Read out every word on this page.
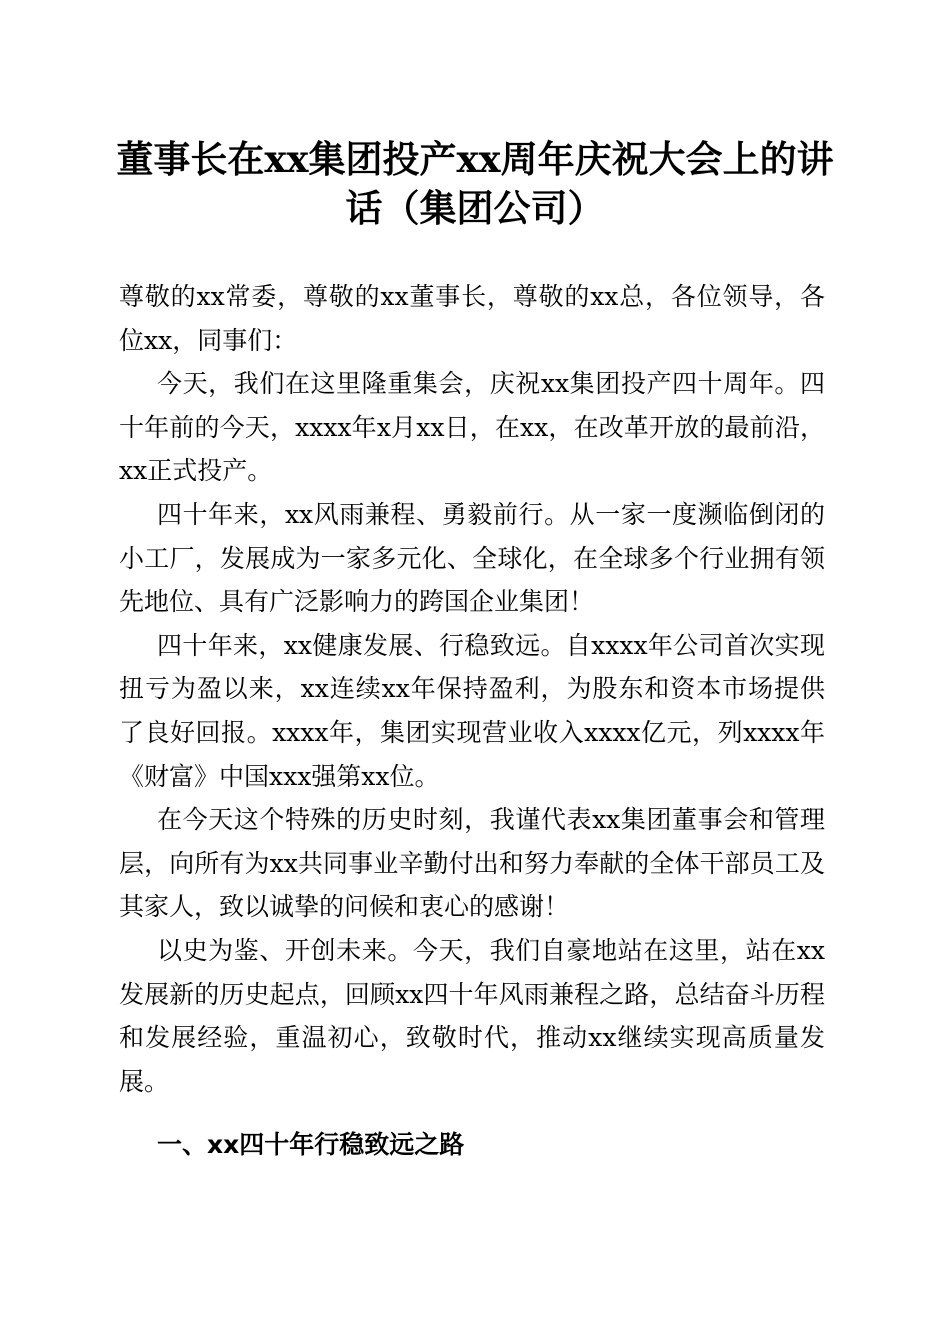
董事长在xx集团投产xx周年庆祝大会上的讲话（集团公司）

尊敬的xx常委，尊敬的xx董事长，尊敬的xx总，各位领导，各位xx，同事们：

今天，我们在这里隆重集会，庆祝xx集团投产四十周年。四十年前的今天，xxxx年x月xx日，在xx，在改革开放的最前沿，xx正式投产。

四十年来，xx风雨兼程、勇毅前行。从一家一度濒临倒闭的小工厂，发展成为一家多元化、全球化，在全球多个行业拥有领先地位、具有广泛影响力的跨国企业集团！

四十年来，xx健康发展、行稳致远。自xxxx年公司首次实现扭亏为盈以来，xx连续xx年保持盈利，为股东和资本市场提供了良好回报。xxxx年，集团实现营业收入xxxx亿元，列xxxx年《财富》中国xxx强第xx位。

在今天这个特殊的历史时刻，我谨代表xx集团董事会和管理层，向所有为xx共同事业辛勤付出和努力奉献的全体干部员工及其家人，致以诚挚的问候和衷心的感谢！

以史为鉴、开创未来。今天，我们自豪地站在这里，站在xx发展新的历史起点，回顾xx四十年风雨兼程之路，总结奋斗历程和发展经验，重温初心，致敬时代，推动xx继续实现高质量发展。

一、xx四十年行稳致远之路
